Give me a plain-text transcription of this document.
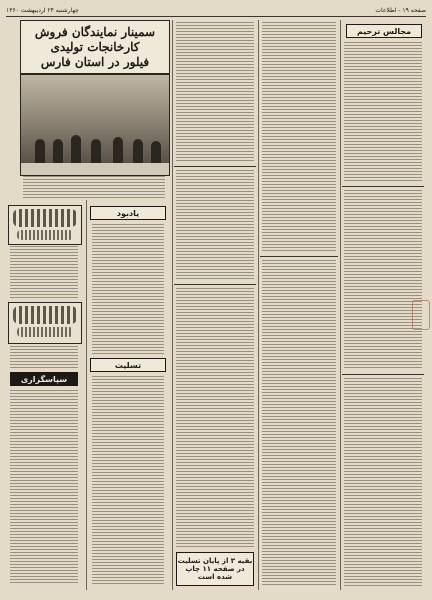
صفحه ۱۹ - اطلاعات
چهارشنبه ۲۴ اردیبهشت ۱۳۶۰
سمینار نمایندگان فروش
کارخانجات تولیدی
فیلور در استان فارس
سپاسگزاری
یادبود
تسلیت
بقیه ۳ از پایان تسلیت
در صفحه ۱۱ چاپ شده است
مجالس ترحیم
